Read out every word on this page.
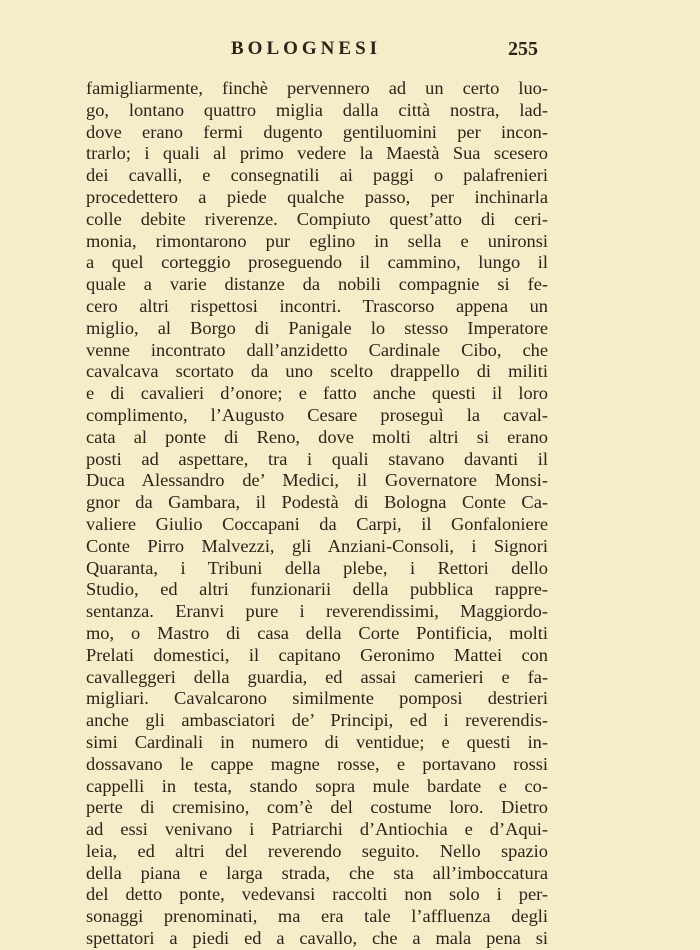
BOLOGNESI	255
famigliarmente, finchè pervennero ad un certo luo-
go, lontano quattro miglia dalla città nostra, lad-
dove erano fermi dugento gentiluomini per incon-
trarlo; i quali al primo vedere la Maestà Sua scesero
dei cavalli, e consegnatili ai paggi o palafrenieri
procedettero a piede qualche passo, per inchinarla
colle debite riverenze. Compiuto quest’atto di ceri-
monia, rimontarono pur eglino in sella e unironsi
a quel corteggio proseguendo il cammino, lungo il
quale a varie distanze da nobili compagnie si fe-
cero altri rispettosi incontri. Trascorso appena un
miglio, al Borgo di Panigale lo stesso Imperatore
venne incontrato dall’anzidetto Cardinale Cibo, che
cavalcava scortato da uno scelto drappello di militi
e di cavalieri d’onore; e fatto anche questi il loro
complimento, l’Augusto Cesare proseguì la caval-
cata al ponte di Reno, dove molti altri si erano
posti ad aspettare, tra i quali stavano davanti il
Duca Alessandro de’ Medici, il Governatore Monsi-
gnor da Gambara, il Podestà di Bologna Conte Ca-
valiere Giulio Coccapani da Carpi, il Gonfaloniere
Conte Pirro Malvezzi, gli Anziani-Consoli, i Signori
Quaranta, i Tribuni della plebe, i Rettori dello
Studio, ed altri funzionarii della pubblica rappre-
sentanza. Eranvi pure i reverendissimi, Maggiordo-
mo, o Mastro di casa della Corte Pontificia, molti
Prelati domestici, il capitano Geronimo Mattei con
cavalleggeri della guardia, ed assai camerieri e fa-
migliari. Cavalcarono similmente pomposi destrieri
anche gli ambasciatori de’ Principi, ed i reverendis-
simi Cardinali in numero di ventidue; e questi in-
dossavano le cappe magne rosse, e portavano rossi
cappelli in testa, stando sopra mule bardate e co-
perte di cremisino, com’è del costume loro. Dietro
ad essi venivano i Patriarchi d’Antiochia e d’Aqui-
leia, ed altri del reverendo seguito. Nello spazio
della piana e larga strada, che sta all’imboccatura
del detto ponte, vedevansi raccolti non solo i per-
sonaggi prenominati, ma era tale l’affluenza degli
spettatori a piedi ed a cavallo, che a mala pena si
